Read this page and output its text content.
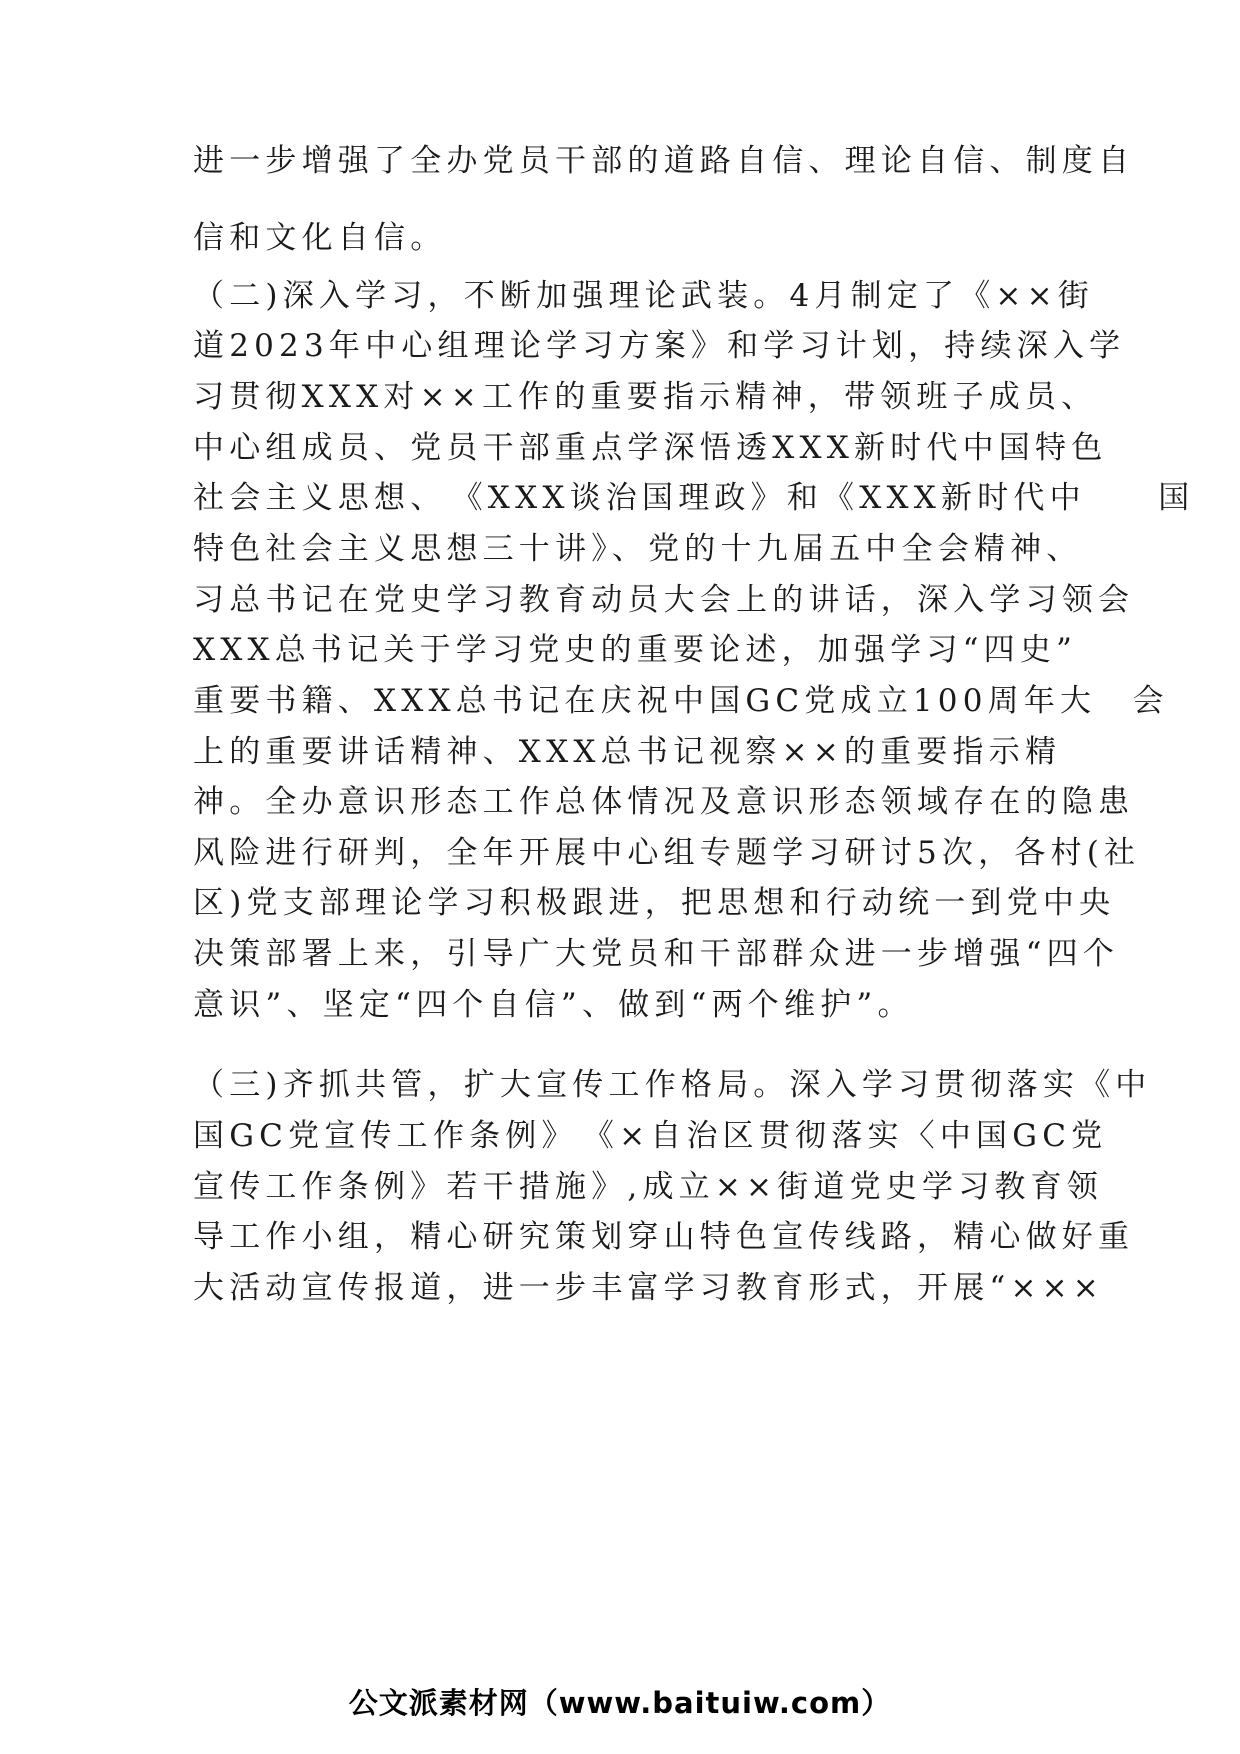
进一步增强了全办党员干部的道路自信、理论自信、制度自
信和文化自信。
（二)深入学习，不断加强理论武装。4月制定了《××街
道2023年中心组理论学习方案》和学习计划，持续深入学
习贯彻XXX对××工作的重要指示精神，带领班子成员、
中心组成员、党员干部重点学深悟透XXX新时代中国特色
社会主义思想、　《XXX谈治国理政》和《XXX新时代中　　国
特色社会主义思想三十讲》、党的十九届五中全会精神、
习总书记在党史学习教育动员大会上的讲话，深入学习领会
XXX总书记关于学习党史的重要论述，加强学习“四史”
重要书籍、XXX总书记在庆祝中国GC党成立100周年大　会
上的重要讲话精神、XXX总书记视察××的重要指示精
神。全办意识形态工作总体情况及意识形态领域存在的隐患
风险进行研判，全年开展中心组专题学习研讨5次，各村(社
区)党支部理论学习积极跟进，把思想和行动统一到党中央
决策部署上来，引导广大党员和干部群众进一步增强“四个
意识”、坚定“四个自信”、做到“两个维护”。
（三)齐抓共管，扩大宣传工作格局。深入学习贯彻落实《中
国GC党宣传工作条例》　《×自治区贯彻落实〈中国GC党
宣传工作条例》若干措施》,成立××街道党史学习教育领
导工作小组，精心研究策划穿山特色宣传线路，精心做好重
大活动宣传报道，进一步丰富学习教育形式，开展“×××
公文派素材网（www.baituiw.com）
